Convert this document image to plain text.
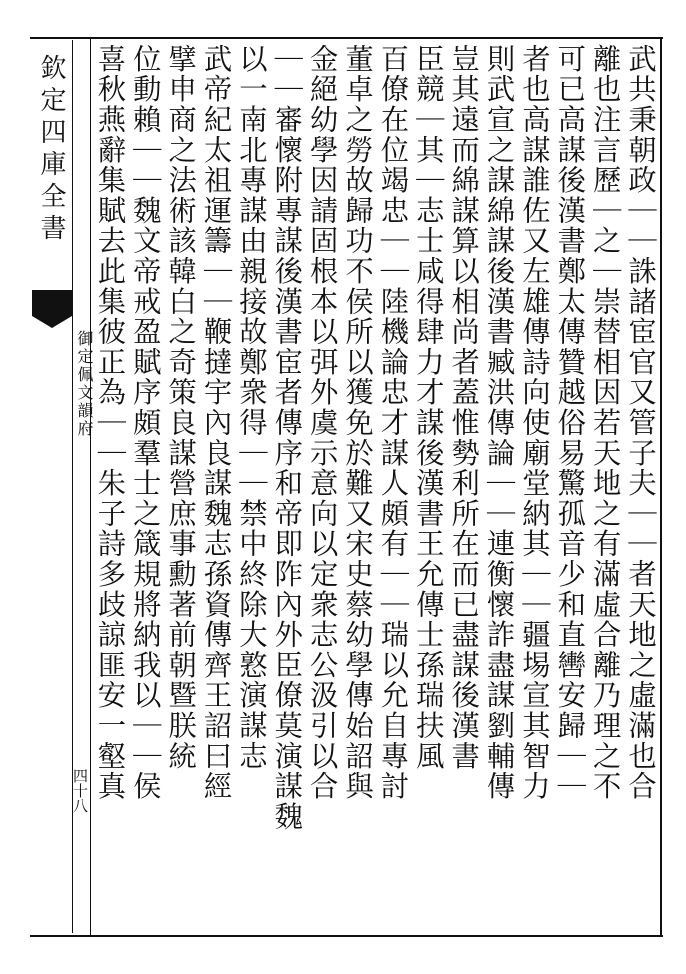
欽定四庫全書
御定佩文韻府
四十八	武共秉朝政｜｜誅諸宦官又管子夫｜｜者天地之虛滿也合
離也注言歷｜之｜崇替相因若天地之有滿虛合離乃理之不
可已高謀後漢書鄭太傳贊越俗易驚孤音少和直轡安歸｜｜
者也高謀誰佐又左雄傳詩向使廟堂納其｜｜疆埸宣其智力
則武宣之謀綿謀後漢書臧洪傳論｜｜連衡懷詐盡謀劉輔傳
豈其遠而綿謀算以相尚者蓋惟勢利所在而已盡謀後漢書
臣競｜其｜志士咸得肆力才謀後漢書王允傳士孫瑞扶風
百僚在位竭忠｜｜陸機論忠才謀人頗有｜｜瑞以允自專討
董卓之勞故歸功不侯所以獲免於難又宋史蔡幼學傳始詔與
金絕幼學因請固根本以弭外虞示意向以定衆志公汲引以合
｜｜審懷附專謀後漢書宦者傳序和帝即阼內外臣僚莫演謀魏
以一南北專謀由親接故鄭衆得｜｜禁中終除大憝演謀志
武帝紀太祖運籌｜｜鞭撻宇內良謀魏志孫資傳齊王詔曰經
擘申商之法術該韓白之奇策良謀營庶事勳著前朝暨朕統
位動賴｜｜魏文帝戒盈賦序頗羣士之箴規將納我以｜｜侯
喜秋燕辭集賦去此集彼正為｜｜朱子詩多歧諒匪安一壑真
